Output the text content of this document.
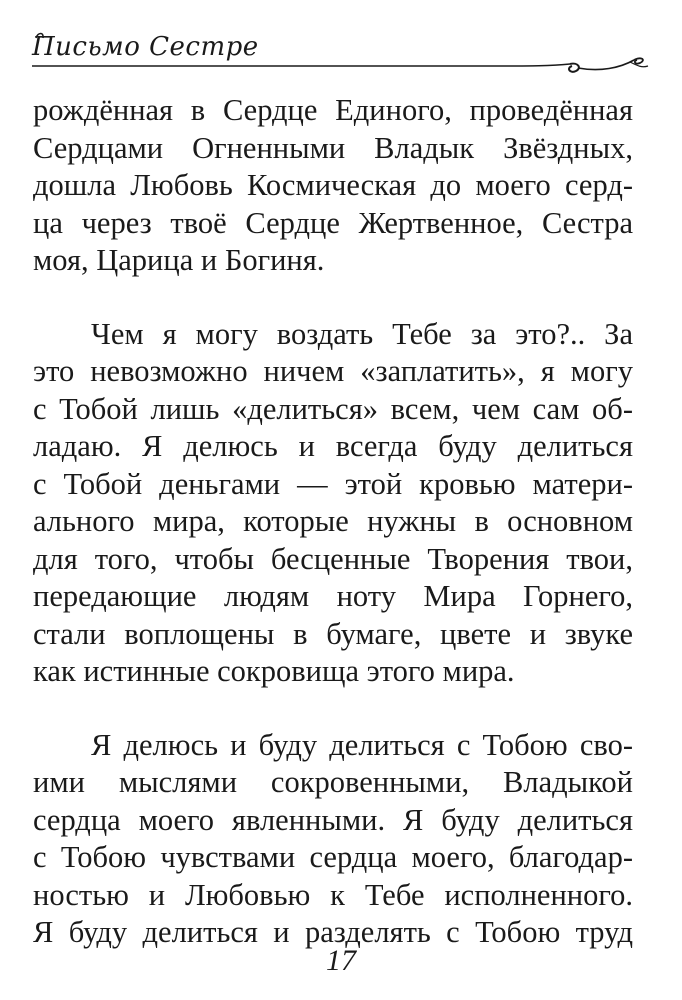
Письмо Сестре
рождённая в Сердце Единого, проведённая
Сердцами Огненными Владык Звёздных,
дошла Любовь Космическая до моего серд-
ца через твоё Сердце Жертвенное, Сестра
моя, Царица и Богиня.
Чем я могу воздать Тебе за это?.. За
это невозможно ничем «заплатить», я могу
с Тобой лишь «делиться» всем, чем сам об-
ладаю. Я делюсь и всегда буду делиться
с Тобой деньгами — этой кровью матери-
ального мира, которые нужны в основном
для того, чтобы бесценные Творения твои,
передающие людям ноту Мира Горнего,
стали воплощены в бумаге, цвете и звуке
как истинные сокровища этого мира.
Я делюсь и буду делиться с Тобою сво-
ими мыслями сокровенными, Владыкой
сердца моего явленными. Я буду делиться
с Тобою чувствами сердца моего, благодар-
ностью и Любовью к Тебе исполненного.
Я буду делиться и разделять с Тобою труд
17
